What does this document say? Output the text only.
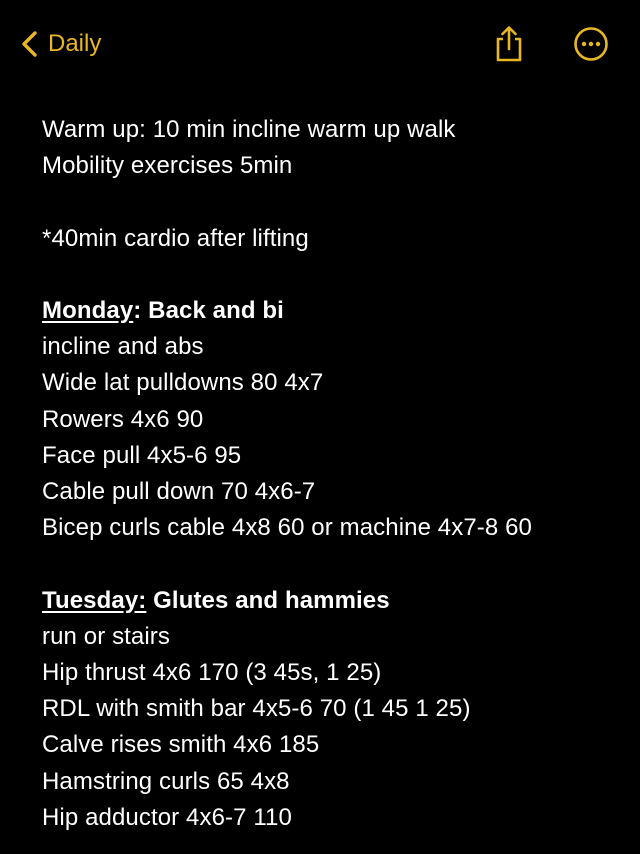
Daily
Warm up: 10 min incline warm up walk
Mobility exercises 5min
*40min cardio after lifting
Monday: Back and bi
incline and abs
Wide lat pulldowns 80 4x7
Rowers 4x6 90
Face pull 4x5-6 95
Cable pull down 70 4x6-7
Bicep curls cable 4x8 60 or machine 4x7-8 60
Tuesday: Glutes and hammies
run or stairs
Hip thrust 4x6 170 (3 45s, 1 25)
RDL with smith bar 4x5-6 70 (1 45 1 25)
Calve rises smith 4x6 185
Hamstring curls 65 4x8
Hip adductor 4x6-7 110
